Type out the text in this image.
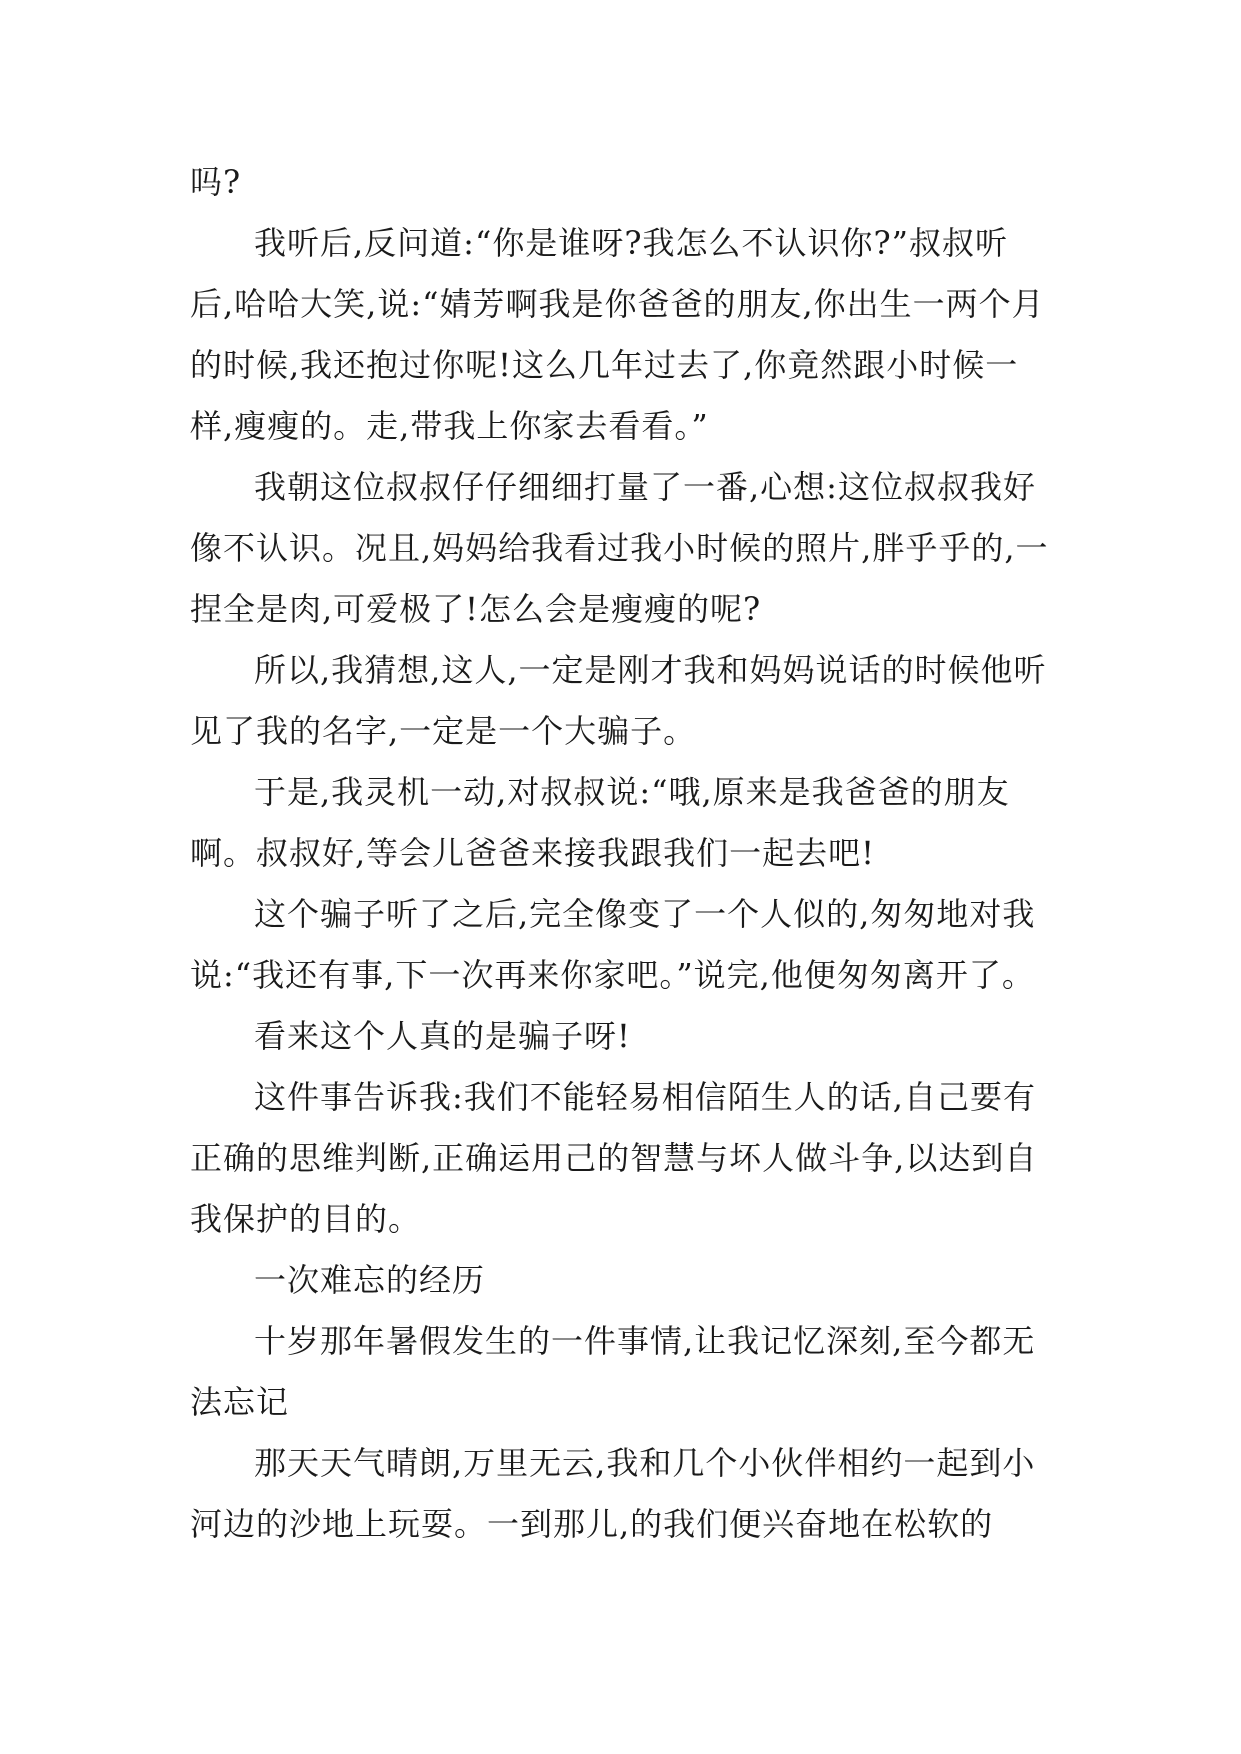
吗?

我听后,反问道:“你是谁呀?我怎么不认识你?”叔叔听后,哈哈大笑,说:“婧芳啊我是你爸爸的朋友,你出生一两个月的时候,我还抱过你呢!这么几年过去了,你竟然跟小时候一样,瘦瘦的。走,带我上你家去看看。”

我朝这位叔叔仔仔细细打量了一番,心想:这位叔叔我好像不认识。况且,妈妈给我看过我小时候的照片,胖乎乎的,一捏全是肉,可爱极了!怎么会是瘦瘦的呢?

所以,我猜想,这人,一定是刚才我和妈妈说话的时候他听见了我的名字,一定是一个大骗子。

于是,我灵机一动,对叔叔说:“哦,原来是我爸爸的朋友啊。叔叔好,等会儿爸爸来接我跟我们一起去吧!

这个骗子听了之后,完全像变了一个人似的,匆匆地对我说:“我还有事,下一次再来你家吧。”说完,他便匆匆离开了。

看来这个人真的是骗子呀!

这件事告诉我:我们不能轻易相信陌生人的话,自己要有正确的思维判断,正确运用己的智慧与坏人做斗争,以达到自我保护的目的。

一次难忘的经历

十岁那年暑假发生的一件事情,让我记忆深刻,至今都无法忘记

那天天气晴朗,万里无云,我和几个小伙伴相约一起到小河边的沙地上玩耍。一到那儿,的我们便兴奋地在松软的
